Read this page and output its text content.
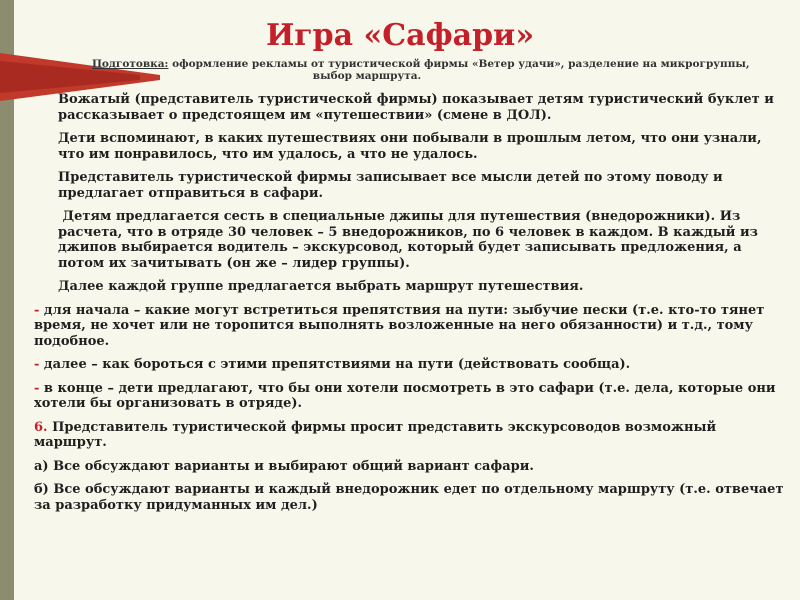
Игра «Сафари»
Подготовка: оформление рекламы от туристической фирмы «Ветер удачи», разделение на микрогруппы,
выбор маршрута.
Вожатый (представитель туристической фирмы) показывает детям туристический буклет и рассказывает о предстоящем им «путешествии» (смене в ДОЛ).
Дети вспоминают, в каких путешествиях они побывали в прошлым летом, что они узнали, что им понравилось, что им удалось, а что не удалось.
Представитель туристической фирмы записывает все мысли детей по этому поводу и предлагает отправиться в сафари.
Детям предлагается сесть в специальные джипы для путешествия (внедорожники). Из расчета, что в отряде 30 человек – 5 внедорожников, по 6 человек в каждом. В каждый из джипов выбирается водитель – экскурсовод, который будет записывать предложения, а потом их зачитывать (он же – лидер группы).
Далее каждой группе предлагается выбрать маршрут путешествия.
- для начала – какие могут встретиться препятствия на пути: зыбучие пески (т.е. кто-то тянет время, не хочет или не торопится выполнять возложенные на него обязанности) и т.д., тому подобное.
- далее – как бороться с этими препятствиями на пути (действовать сообща).
- в конце – дети предлагают, что бы они хотели посмотреть в это сафари (т.е. дела, которые они хотели бы организовать в отряде).
6. Представитель туристической фирмы просит представить экскурсоводов возможный маршрут.
а) Все обсуждают варианты и выбирают общий вариант сафари.
б) Все обсуждают варианты и каждый внедорожник едет по отдельному маршруту (т.е. отвечает за разработку придуманных им дел.)
